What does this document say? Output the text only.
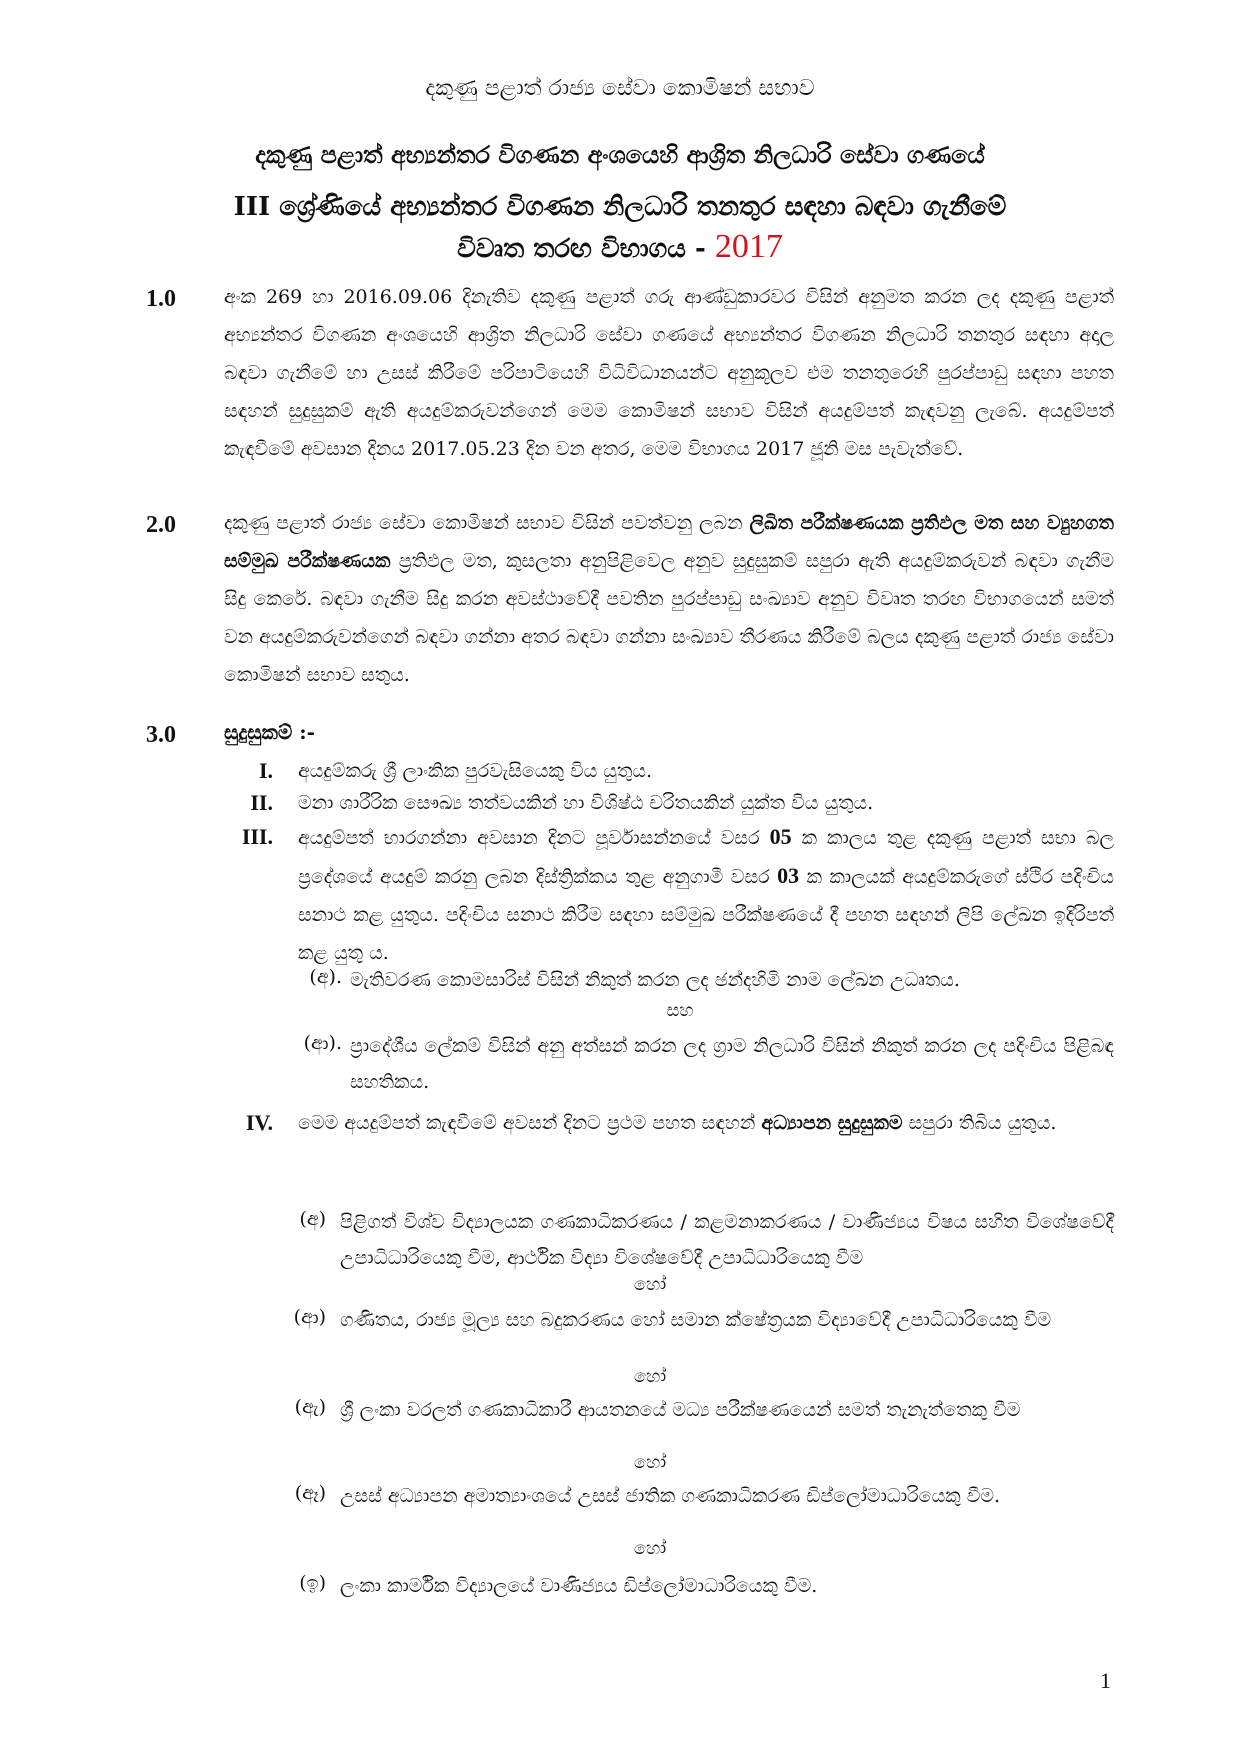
දකුණු පළාත් රාජ්‍ය සේවා කොමිෂන් සභාව
දකුණු පළාත් අභ්‍යන්තර විගණන අංශයෙහි ආශ්‍රිත නිලධාරි සේවා ගණයේ
III ශ්‍රේණියේ අභ්‍යන්තර විගණන නිලධාරි තනතුර සඳහා බඳවා ගැනීමේ
විවෘත තරඟ විභාගය - 2017
1.0	අංක 269 හා 2016.09.06 දිනැතිව දකුණු පළාත් ගරු ආණ්ඩුකාරවර විසින් අනුමත කරන ලද දකුණු පළාත් අභ්‍යන්තර විගණන අංශයෙහි ආශ්‍රිත නිලධාරි සේවා ගණයේ අභ්‍යන්තර විගණන නිලධාරි තනතුර සඳහා අදාල බඳවා ගැනීමේ හා උසස් කිරීමේ පරිපාටියෙහි විධිවිධානයන්ට අනුකූලව එම තනතුරෙහි පුරප්පාඩු සඳහා පහත සඳහන් සුදුසුකම් ඇති අයදුම්කරුවන්ගෙන් මෙම කොමිෂන් සභාව විසින් අයදුම්පත් කැඳවනු ලැබේ. අයදුම්පත් කැඳවීමේ අවසාන දිනය 2017.05.23 දින වන අතර, මෙම විභාගය 2017 ජූනි මස පැවැත්වේ.
2.0	දකුණු පළාත් රාජ්‍ය සේවා කොමිෂන් සභාව විසින් පවත්වනු ලබන ලිඛිත පරීක්ෂණයක ප්‍රතිඵල මත සහ ව්‍යුහගත සම්මුඛ පරීක්ෂණයක ප්‍රතිඵල මත, කුසලතා අනුපිළිවෙල අනුව සුදුසුකම් සපුරා ඇති අයදුම්කරුවන් බඳවා ගැනීම සිදු කෙරේ. බඳවා ගැනීම සිදු කරන අවස්ථාවේදී පවතින පුරප්පාඩු සංඛ්‍යාව අනුව විවෘත තරඟ විභාගයෙන් සමත් වන අයදුම්කරුවන්ගෙන් බඳවා ගන්නා අතර බඳවා ගන්නා සංඛ්‍යාව තීරණය කිරීමේ බලය දකුණු පළාත් රාජ්‍ය සේවා කොමිෂන් සභාව සතුය.
3.0 සුදුසුකම් :-
I. අයදුම්කරු ශ්‍රී ලාංකික පුරවැසියෙකු විය යුතුය.
II. මනා ශාරීරික සෞඛ්‍ය තත්වයකින් හා විශිෂ්ඨ චරිතයකින් යුක්ත විය යුතුය.
III. අයදුම්පත් භාරගන්නා අවසාන දිනට පූර්වාසන්නයේ වසර 05 ක කාලය තුළ දකුණු පළාත් සභා බල ප්‍රදේශයේ අයදුම් කරනු ලබන දිස්ත්‍රික්කය තුළ අනුගාමී වසර 03 ක කාලයක් අයදුම්කරුගේ ස්ථිර පදිංචිය සනාථ කළ යුතුය. පදිංචිය සනාථ කිරීම සඳහා සම්මුඛ පරීක්ෂණයේ දී පහත සඳහන් ලිපි ලේඛන ඉදිරිපත් කළ යුතු ය.
(අ). මැතිවරණ කොමසාරිස් විසින් නිකුත් කරන ලද ඡන්දහිමි නාම ලේඛන උධෘතය.
සහ
(ආ). ප්‍රාදේශීය ලේකම් විසින් අනු අත්සන් කරන ලද ග්‍රාම නිලධාරි විසින් නිකුත් කරන ලද පදිංචිය පිළිබඳ සහතිකය.
IV. මෙම අයදුම්පත් කැඳවීමේ අවසන් දිනට ප්‍රථම පහත සඳහන් අධ්‍යාපන සුදුසුකම සපුරා තිබිය යුතුය.
(අ) පිළිගත් විශ්ව විද්‍යාලයක ගණකාධිකරණය / කළමනාකරණය / වාණිජ්‍යය විෂය සහිත විශේෂවේදී උපාධිධාරියෙකු වීම, ආර්ථික විද්‍යා විශේෂවේදී උපාධිධාරියෙකු වීම
හෝ
(ආ) ගණිතය, රාජ්‍ය මූල්‍ය සහ බදුකරණය හෝ සමාන ක්ෂේත්‍රයක විද්‍යාවේදී උපාධිධාරියෙකු වීම
හෝ
(ඇ) ශ්‍රී ලංකා වරලත් ගණකාධිකාරී ආයතනයේ මධ්‍ය පරීක්ෂණයෙන් සමත් තැනැත්තෙකු වීම
හෝ
(ඈ) උසස් අධ්‍යාපන අමාත්‍යාංශයේ උසස් ජාතික ගණකාධිකරණ ඩිප්ලෝමාධාරියෙකු වීම.
හෝ
(ඉ) ලංකා කාර්මික විද්‍යාලයේ වාණිජ්‍යය ඩිප්ලෝමාධාරියෙකු වීම.
1
